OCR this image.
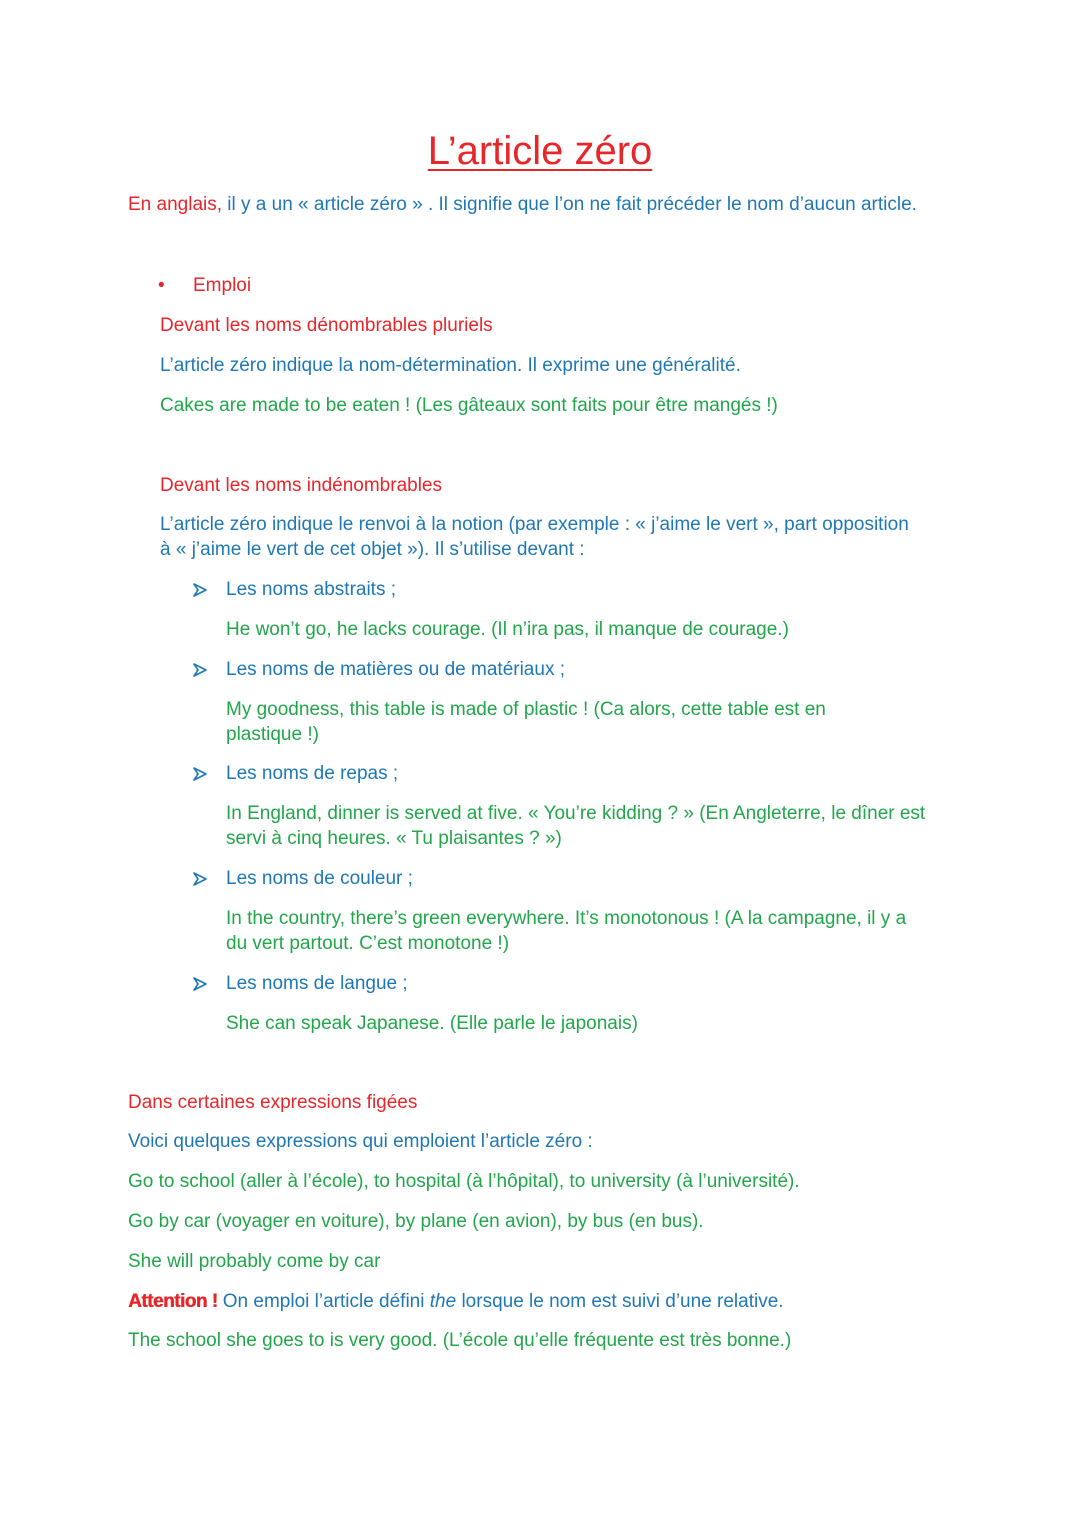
L’article zéro
En anglais, il y a un « article zéro » . Il signifie que l’on ne fait précéder le nom d’aucun article.
• Emploi
Devant les noms dénombrables pluriels
L’article zéro indique la nom-détermination. Il exprime une généralité.
Cakes are made to be eaten ! (Les gâteaux sont faits pour être mangés !)
Devant les noms indénombrables
L’article zéro indique le renvoi à la notion (par exemple : « j’aime le vert », part opposition
à « j’aime le vert de cet objet »). Il s’utilise devant :
Les noms abstraits ;
He won’t go, he lacks courage. (Il n’ira pas, il manque de courage.)
Les noms de matières ou de matériaux ;
My goodness, this table is made of plastic ! (Ca alors, cette table est en
plastique !)
Les noms de repas ;
In England, dinner is served at five. « You’re kidding ? » (En Angleterre, le dîner est
servi à cinq heures. « Tu plaisantes ? »)
Les noms de couleur ;
In the country, there’s green everywhere. It’s monotonous ! (A la campagne, il y a
du vert partout. C’est monotone !)
Les noms de langue ;
She can speak Japanese. (Elle parle le japonais)
Dans certaines expressions figées
Voici quelques expressions qui emploient l’article zéro :
Go to school (aller à l’école), to hospital (à l’hôpital), to university (à l’université).
Go by car (voyager en voiture), by plane (en avion), by bus (en bus).
She will probably come by car
Attention ! On emploi l’article défini the lorsque le nom est suivi d’une relative.
The school she goes to is very good. (L’école qu’elle fréquente est très bonne.)
